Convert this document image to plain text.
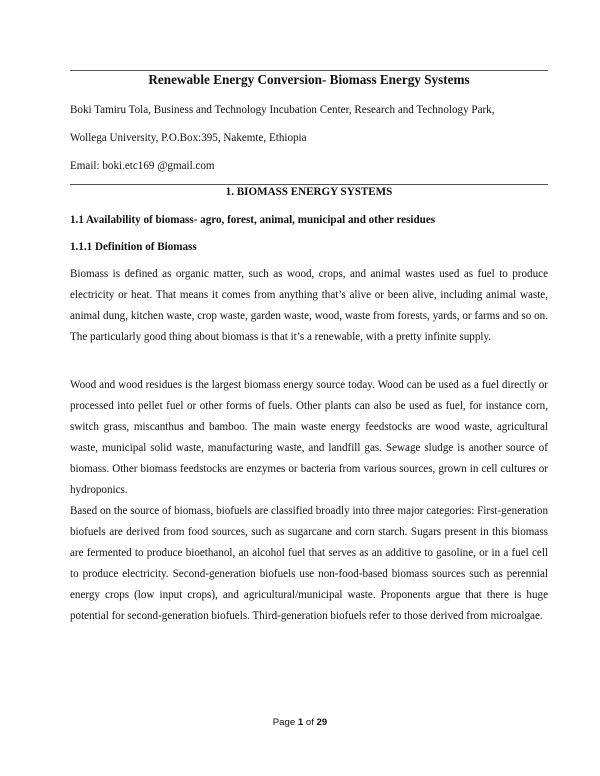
Renewable Energy Conversion- Biomass Energy Systems
Boki Tamiru Tola, Business and Technology Incubation Center, Research and Technology Park,
Wollega University, P.O.Box:395, Nakemte, Ethiopia
Email: boki.etc169 @gmail.com
1. BIOMASS ENERGY SYSTEMS
1.1 Availability of biomass- agro, forest, animal, municipal and other residues
1.1.1 Definition of Biomass

Biomass is defined as organic matter, such as wood, crops, and animal wastes used as fuel to produce electricity or heat. That means it comes from anything that’s alive or been alive, including animal waste, animal dung, kitchen waste, crop waste, garden waste, wood, waste from forests, yards, or farms and so on. The particularly good thing about biomass is that it’s a renewable, with a pretty infinite supply.

Wood and wood residues is the largest biomass energy source today. Wood can be used as a fuel directly or processed into pellet fuel or other forms of fuels. Other plants can also be used as fuel, for instance corn, switch grass, miscanthus and bamboo. The main waste energy feedstocks are wood waste, agricultural waste, municipal solid waste, manufacturing waste, and landfill gas. Sewage sludge is another source of biomass. Other biomass feedstocks are enzymes or bacteria from various sources, grown in cell cultures or hydroponics.

Based on the source of biomass, biofuels are classified broadly into three major categories: First-generation biofuels are derived from food sources, such as sugarcane and corn starch. Sugars present in this biomass are fermented to produce bioethanol, an alcohol fuel that serves as an additive to gasoline, or in a fuel cell to produce electricity. Second-generation biofuels use non-food-based biomass sources such as perennial energy crops (low input crops), and agricultural/municipal waste. Proponents argue that there is huge potential for second-generation biofuels. Third-generation biofuels refer to those derived from microalgae.

Page 1 of 29
